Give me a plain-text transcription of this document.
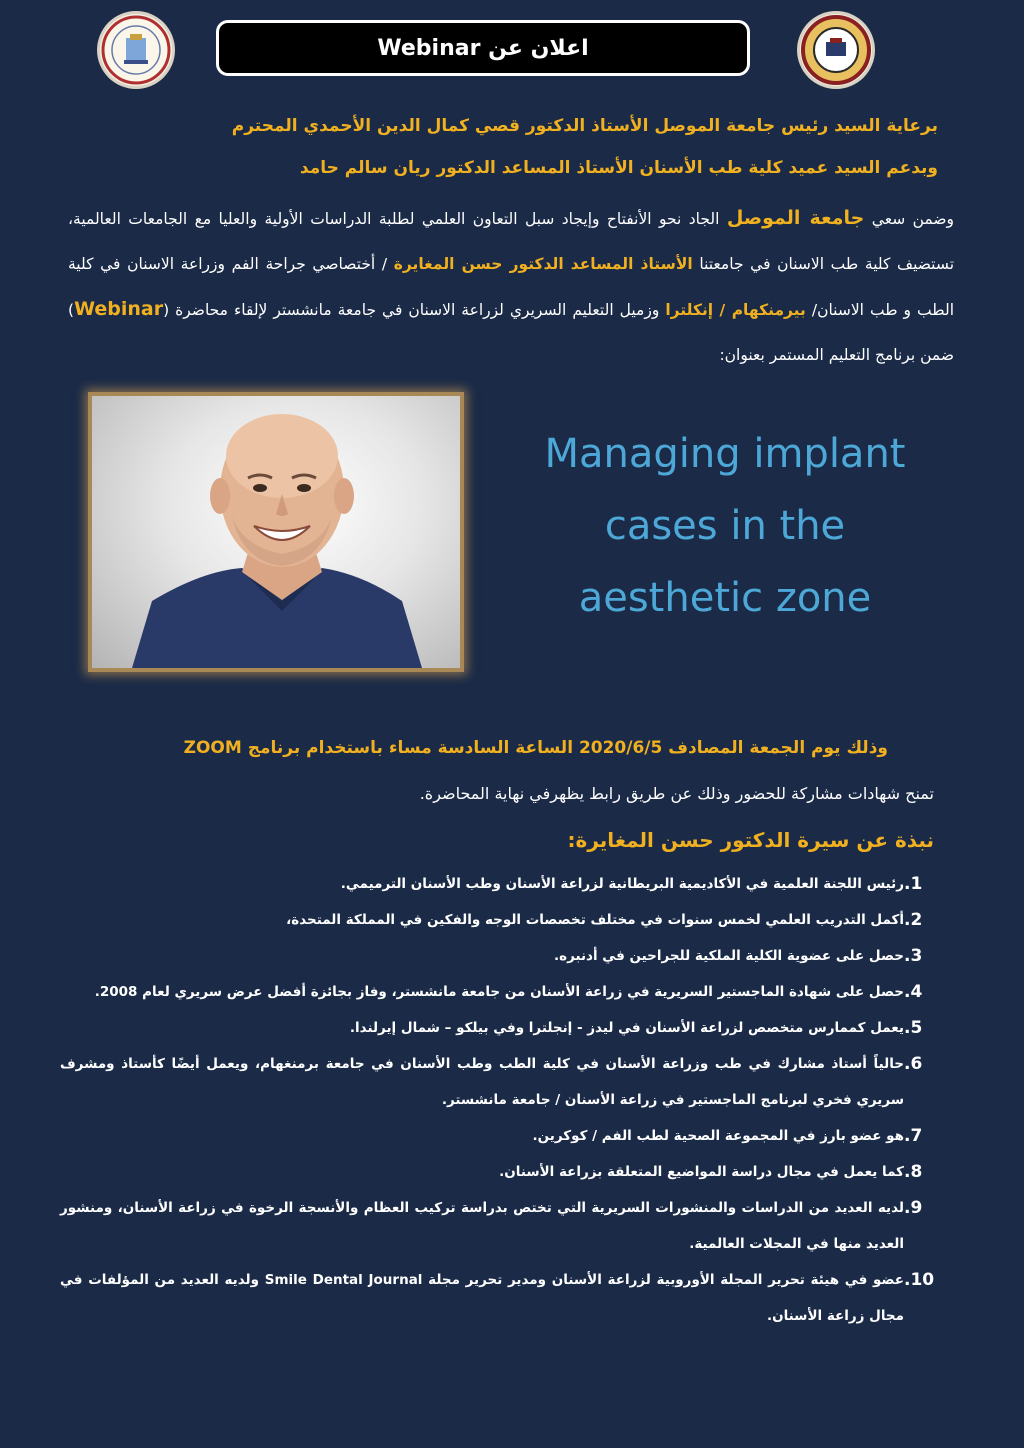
اعلان عن Webinar
برعاية السيد رئيس جامعة الموصل الأستاذ الدكتور قصي كمال الدين الأحمدي المحترم
وبدعم السيد عميد كلية طب الأسنان الأستاذ المساعد الدكتور ريان سالم حامد
وضمن سعي جامعة الموصل الجاد نحو الأنفتاح وإيجاد سبل التعاون العلمي لطلبة الدراسات الأولية والعليا مع الجامعات العالمية، تستضيف كلية طب الاسنان في جامعتنا الأستاذ المساعد الدكتور حسن المغايرة / أختصاصي جراحة الفم وزراعة الاسنان في كلية الطب و طب الاسنان/ بيرمنكهام / إنكلترا وزميل التعليم السريري لزراعة الاسنان في جامعة مانشستر لإلقاء محاضرة (Webinar) ضمن برنامج التعليم المستمر بعنوان:
Managing implant
cases in the
aesthetic zone
وذلك يوم الجمعة المصادف 2020/6/5 الساعة السادسة مساء باستخدام برنامج ZOOM
تمنح شهادات مشاركة للحضور وذلك عن طريق رابط يظهرفي نهاية المحاضرة.
نبذة عن سيرة الدكتور حسن المغايرة:
1.
رئيس اللجنة العلمية في الأكاديمية البريطانية لزراعة الأسنان وطب الأسنان الترميمي.
2.
أكمل التدريب العلمي لخمس سنوات في مختلف تخصصات الوجه والفكين في المملكة المتحدة،
3.
حصل على عضوية الكلية الملكية للجراحين في أدنبره.
4.
حصل على شهادة الماجستير السريرية في زراعة الأسنان من جامعة مانشستر، وفاز بجائزة أفضل عرض سريري لعام 2008.
5.
يعمل كممارس متخصص لزراعة الأسنان في ليدز - إنجلترا وفي بيلكو – شمال إيرلندا.
6.
حالياً أستاذ مشارك في طب وزراعة الأسنان في كلية الطب وطب الأسنان في جامعة برمنغهام، ويعمل أيضًا كأستاذ ومشرف سريري فخري لبرنامج الماجستير في زراعة الأسنان / جامعة مانشستر.
7.
هو عضو بارز في المجموعة الصحية لطب الفم / كوكرين.
8.
كما يعمل في مجال دراسة المواضيع المتعلقة بزراعة الأسنان.
9.
لديه العديد من الدراسات والمنشورات السريرية التي تختص بدراسة تركيب العظام والأنسجة الرخوة في زراعة الأسنان، ومنشور العديد منها في المجلات العالمية.
10.
عضو في هيئة تحرير المجلة الأوروبية لزراعة الأسنان ومدير تحرير مجلة Smile Dental Journal ولديه العديد من المؤلفات في مجال زراعة الأسنان.
